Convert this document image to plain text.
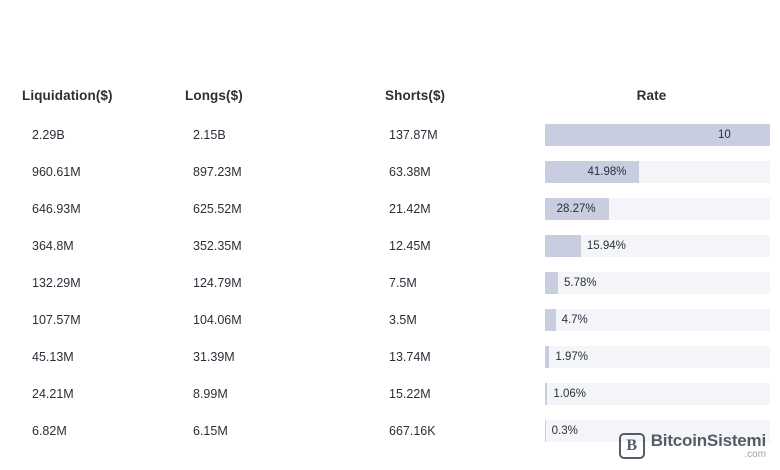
Liquidation($)	Longs($)	Shorts($)	Rate
2.29B	2.15B	137.87M	10
960.61M	897.23M	63.38M	41.98%
646.93M	625.52M	21.42M	28.27%
364.8M	352.35M	12.45M	15.94%
132.29M	124.79M	7.5M	5.78%
107.57M	104.06M	3.5M	4.7%
45.13M	31.39M	13.74M	1.97%
24.21M	8.99M	15.22M	1.06%
6.82M	6.15M	667.16K	0.3%
B BitcoinSistemi
.com
